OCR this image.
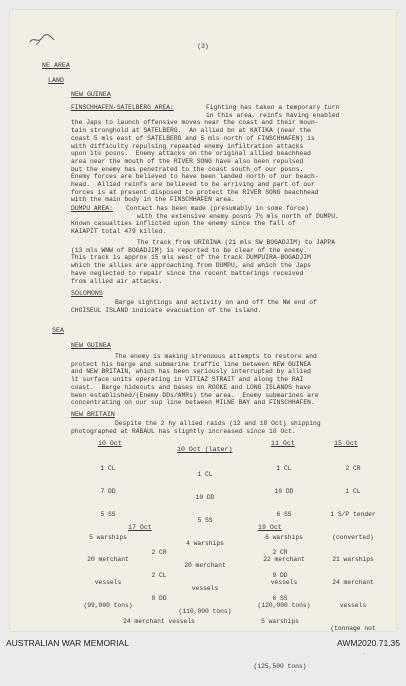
(3)
NE AREA
LAND
NEW GUINEA
FINSCHHAFEN-SATELBERG AREA:	Fighting has taken a temporary turn
in this area, reinfs having enabled
the Japs to launch offensive moves near the coast and their moun-
tain stronghold at SATELBERG.  An allied bn at KATIKA (near the
coast 5 mls east of SATELBERG and 5 mls north of FINSCHHAFEN) is
with difficulty repulsing repeated enemy infiltration attacks
upon its posns.  Enemy attacks on the original allied beachhead
area near the mouth of the RIVER SONG have also been repulsed
but the enemy has penetrated to the coast south of our posns.
Enemy forces are believed to have been landed north of our beach-
head.  Allied reinfs are believed to be arriving and part of our
forces is at present disposed to protect the RIVER SONG beachhead
with the main body in the FINSCHHAFEN area.
DUMPU AREA: Contact has been made (presumably in some force)
with the extensive enemy posns 7½ mls north of DUMPU.
Known casualties inflicted upon the enemy since the fall of
KAIAPIT total 479 killed.
The track from URIGINA (21 mls SW BOGADJIM) to JAPPA
(13 mls WNW of BOGADJIM) is reported to be clear of the enemy.
This track is approx 15 mls west of the track DUMPUIRA-BOGADJIM
which the allies are approaching from DUMPU, and which the Japs
have neglected to repair since the recent batterings received
from allied air attacks.
SOLOMONS
Barge sightings and activity on and off the NW end of
CHOISEUL ISLAND indicate evacuation of the island.
SEA
NEW GUINEA
The enemy is making strenuous attempts to restore and
protect his barge and submarine traffic line between NEW GUINEA
and NEW BRITAIN, which has been seriously interrupted by allied
lt surface units operating in VITIAZ STRAIT and along the RAI
coast.  Barge hideouts and bases on ROOKE and LONG ISLANDS have
been established/(Enemy DDs/AMRs) the area.  Enemy submarines are
concentrating on our sup line between MILNE BAY and FINSCHHAFEN.
NEW BRITAIN
Despite the 2 hy allied raids (12 and 18 Oct) shipping
photographed at RABAUL has slightly increased since 10 Oct.
10 Oct

1 CL

7 DD

5 SS

5 warships

20 merchant

vessels

(99,000 tons)

10 Oct (later)

1 CL

10 DD

5 SS

4 warships

20 merchant

vessels

(110,000 tons)

11 Oct

1 CL

10 DD

6 SS

6 warships

22 merchant

vessels

(120,000 tons)

15 Oct

2 CR

1 CL

1 S/P tender

(converted)

21 warships

24 merchant

vessels

(tonnage not

17 Oct

2 CR

2 CL

9 DD

24 merchant vessels

19 Oct

2 CR

9 DD

6 SS

5 warships

(125,500 tons)

AUSTRALIAN WAR MEMORIAL	AWM2020.71.35
